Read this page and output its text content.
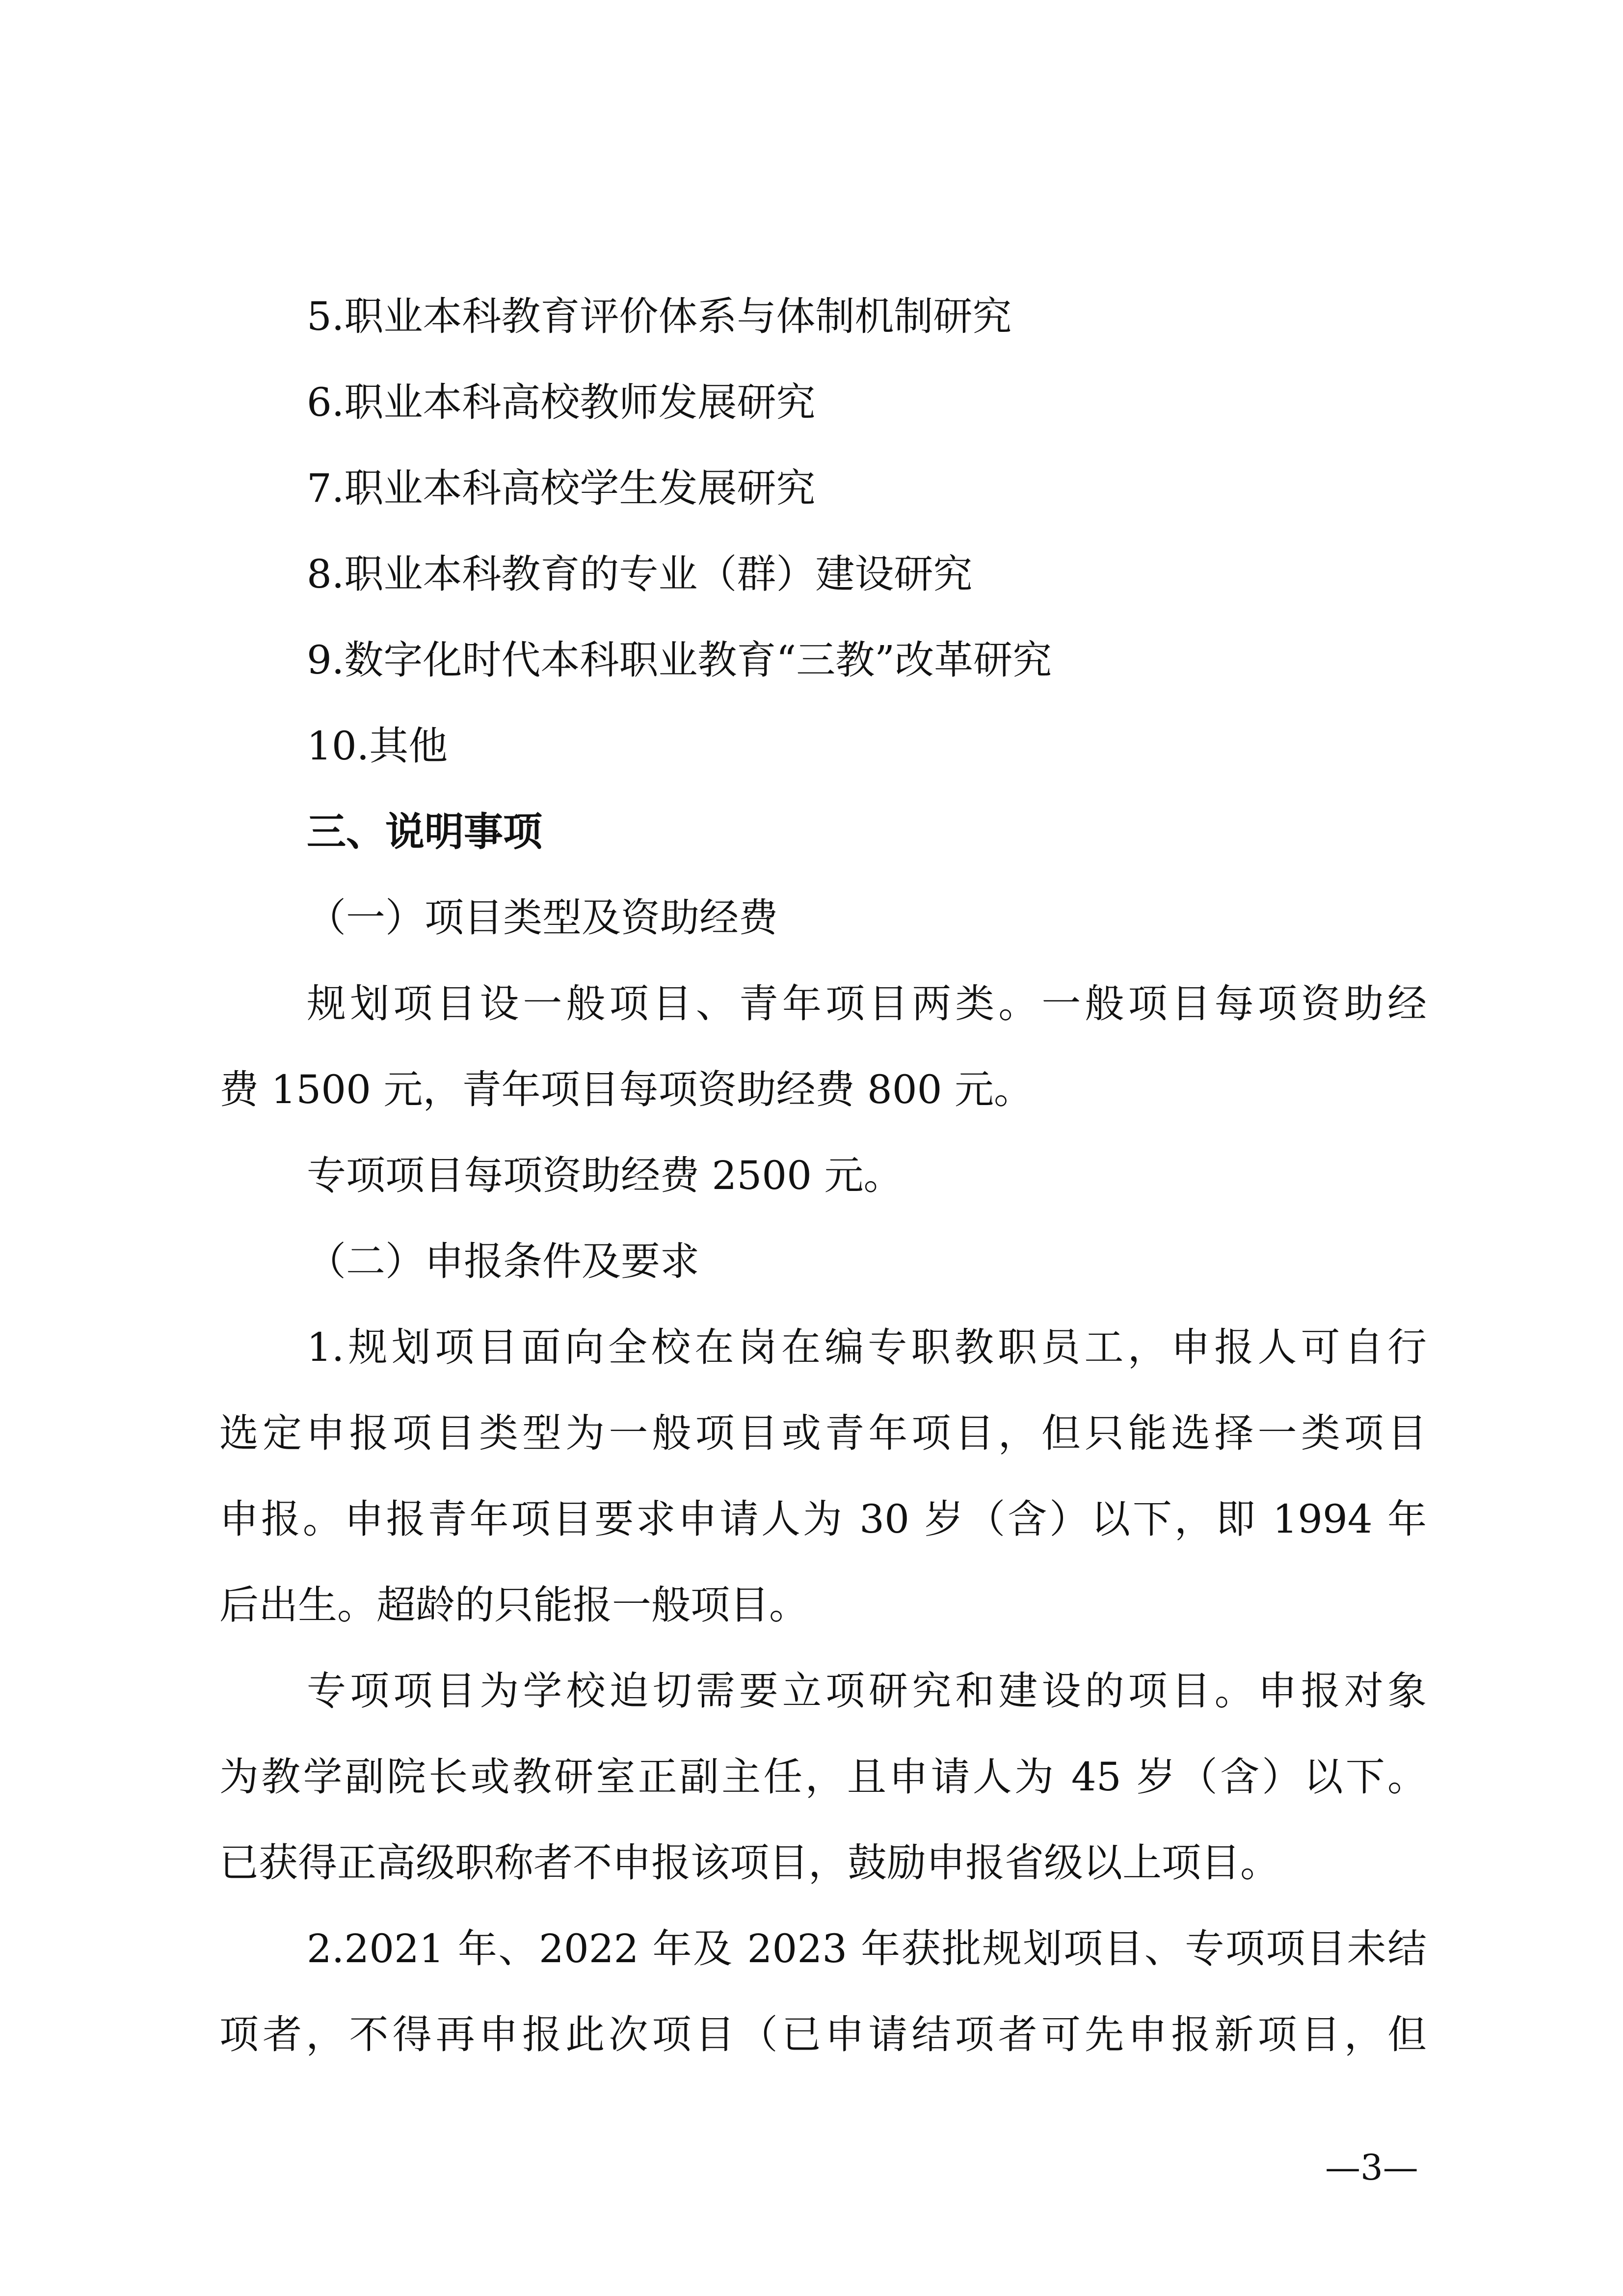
5.职业本科教育评价体系与体制机制研究
6.职业本科高校教师发展研究
7.职业本科高校学生发展研究
8.职业本科教育的专业（群）建设研究
9.数字化时代本科职业教育“三教”改革研究
10.其他
三、说明事项
（一）项目类型及资助经费
规划项目设一般项目、青年项目两类。一般项目每项资助经
费 1500 元，青年项目每项资助经费 800 元。
专项项目每项资助经费 2500 元。
（二）申报条件及要求
1.规划项目面向全校在岗在编专职教职员工，申报人可自行
选定申报项目类型为一般项目或青年项目，但只能选择一类项目
申报。申报青年项目要求申请人为 30 岁（含）以下，即 1994 年
后出生。超龄的只能报一般项目。
专项项目为学校迫切需要立项研究和建设的项目。申报对象
为教学副院长或教研室正副主任，且申请人为 45 岁（含）以下。
已获得正高级职称者不申报该项目，鼓励申报省级以上项目。
2.2021 年、2022 年及 2023 年获批规划项目、专项项目未结
项者，不得再申报此次项目（已申请结项者可先申报新项目，但
—3—
